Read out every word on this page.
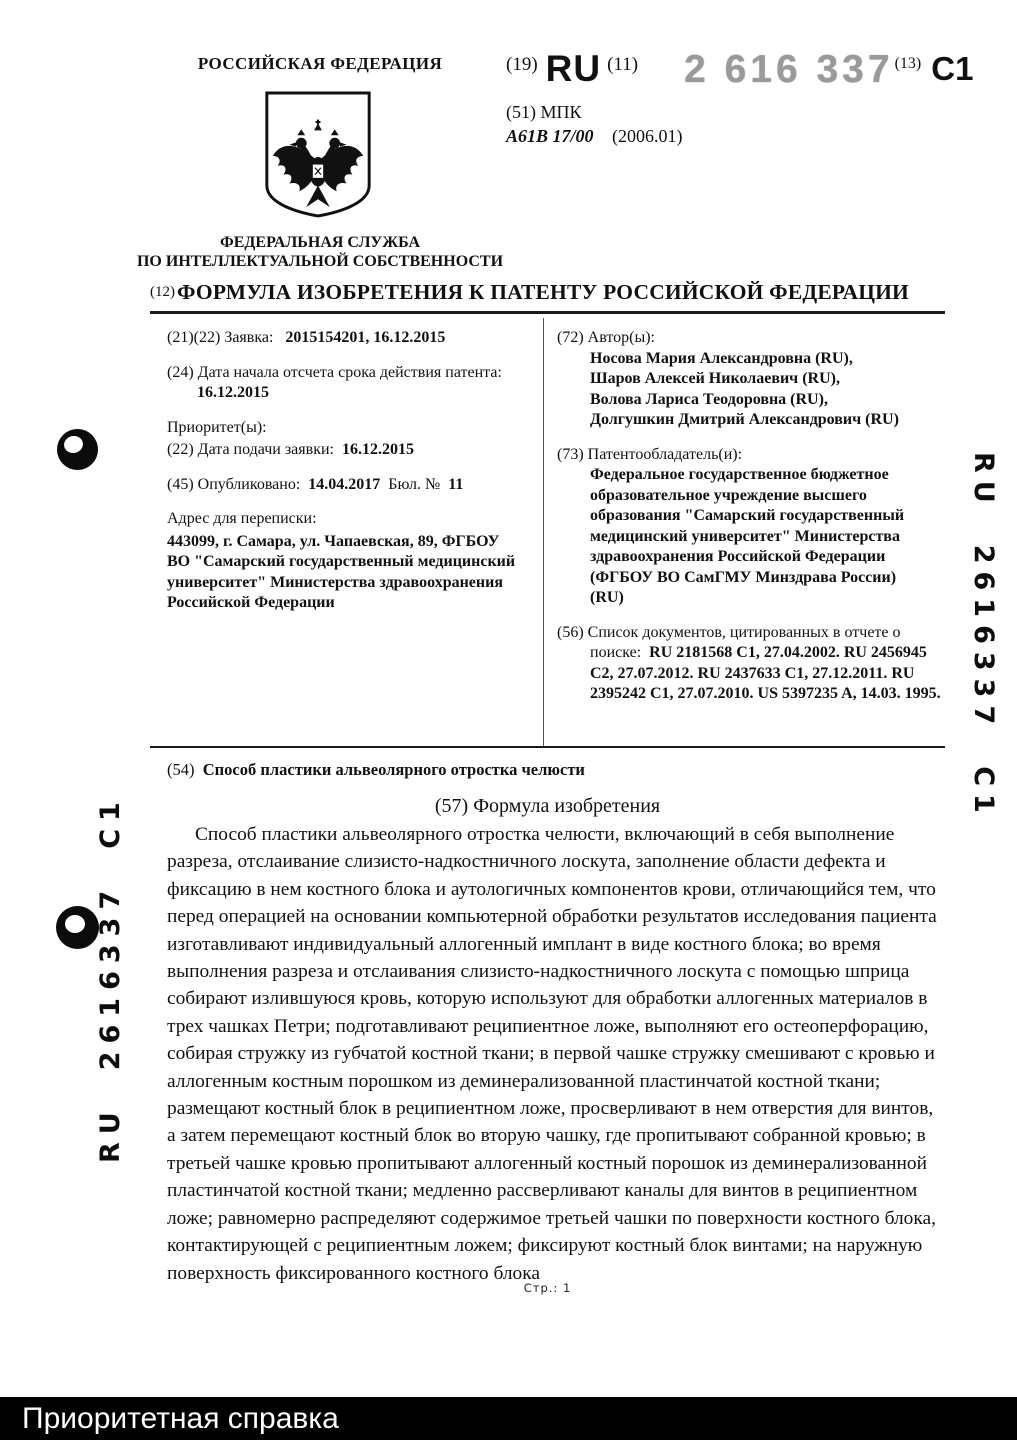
RU2616337C1
RU2616337C1
РОССИЙСКАЯ ФЕДЕРАЦИЯ
ФЕДЕРАЛЬНАЯ СЛУЖБА
ПО ИНТЕЛЛЕКТУАЛЬНОЙ СОБСТВЕННОСТИ
(19) RU (11) 2 616 337 (13) C1
(51) МПК
A61B 17/00 (2006.01)
(12) ФОРМУЛА ИЗОБРЕТЕНИЯ К ПАТЕНТУ РОССИЙСКОЙ ФЕДЕРАЦИИ

(21)(22) Заявка: 2015154201, 16.12.2015

(24) Дата начала отсчета срока действия патента:
16.12.2015

Приоритет(ы):

(22) Дата подачи заявки: 16.12.2015

(45) Опубликовано: 14.04.2017 Бюл. № 11

Адрес для переписки:

443099, г. Самара, ул. Чапаевская, 89, ФГБОУ ВО "Самарский государственный медицинский университет" Министерства здравоохранения Российской Федерации

(72) Автор(ы):

Носова Мария Александровна (RU),
Шаров Алексей Николаевич (RU),
Волова Лариса Теодоровна (RU),
Долгушкин Дмитрий Александрович (RU)

(73) Патентообладатель(и):

Федеральное государственное бюджетное образовательное учреждение высшего образования "Самарский государственный медицинский университет" Министерства здравоохранения Российской Федерации (ФГБОУ ВО СамГМУ Минздрава России) (RU)

(56) Список документов, цитированных в отчете о поиске: RU 2181568 C1, 27.04.2002. RU 2456945 C2, 27.07.2012. RU 2437633 C1, 27.12.2011. RU 2395242 C1, 27.07.2010. US 5397235 A, 14.03. 1995.

(54) Способ пластики альвеолярного отростка челюсти
(57) Формула изобретения
Способ пластики альвеолярного отростка челюсти, включающий в себя выполнение разреза, отслаивание слизисто-надкостничного лоскута, заполнение области дефекта и фиксацию в нем костного блока и аутологичных компонентов крови, отличающийся тем, что перед операцией на основании компьютерной обработки результатов исследования пациента изготавливают индивидуальный аллогенный имплант в виде костного блока; во время выполнения разреза и отслаивания слизисто-надкостничного лоскута с помощью шприца собирают излившуюся кровь, которую используют для обработки аллогенных материалов в трех чашках Петри; подготавливают реципиентное ложе, выполняют его остеоперфорацию, собирая стружку из губчатой костной ткани; в первой чашке стружку смешивают с кровью и аллогенным костным порошком из деминерализованной пластинчатой костной ткани; размещают костный блок в реципиентном ложе, просверливают в нем отверстия для винтов, а затем перемещают костный блок во вторую чашку, где пропитывают собранной кровью; в третьей чашке кровью пропитывают аллогенный костный порошок из деминерализованной пластинчатой костной ткани; медленно рассверливают каналы для винтов в реципиентном ложе; равномерно распределяют содержимое третьей чашки по поверхности костного блока, контактирующей с реципиентным ложем; фиксируют костный блок винтами; на наружную поверхность фиксированного костного блока
Стр.: 1
Приоритетная справка
